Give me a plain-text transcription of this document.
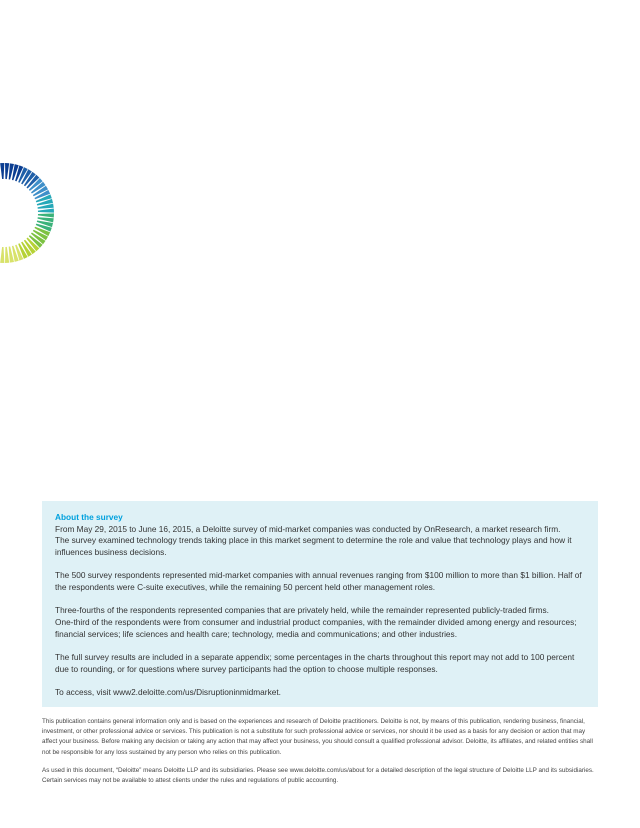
About the survey

From May 29, 2015 to June 16, 2015, a Deloitte survey of mid-market companies was conducted by OnResearch, a market research firm.

The survey examined technology trends taking place in this market segment to determine the role and value that technology plays and how it influences business decisions.

The 500 survey respondents represented mid-market companies with annual revenues ranging from $100 million to more than $1 billion. Half of the respondents were C-suite executives, while the remaining 50 percent held other management roles.

Three-fourths of the respondents represented companies that are privately held, while the remainder represented publicly-traded firms.

One-third of the respondents were from consumer and industrial product companies, with the remainder divided among energy and resources; financial services; life sciences and health care; technology, media and communications; and other industries.

The full survey results are included in a separate appendix; some percentages in the charts throughout this report may not add to 100 percent due to rounding, or for questions where survey participants had the option to choose multiple responses.

To access, visit www2.deloitte.com/us/Disruptioninmidmarket.

This publication contains general information only and is based on the experiences and research of Deloitte practitioners. Deloitte is not, by means of this publication, rendering business, financial, investment, or other professional advice or services. This publication is not a substitute for such professional advice or services, nor should it be used as a basis for any decision or action that may affect your business. Before making any decision or taking any action that may affect your business, you should consult a qualified professional advisor. Deloitte, its affiliates, and related entities shall not be responsible for any loss sustained by any person who relies on this publication.

As used in this document, “Deloitte” means Deloitte LLP and its subsidiaries. Please see www.deloitte.com/us/about for a detailed description of the legal structure of Deloitte LLP and its subsidiaries. Certain services may not be available to attest clients under the rules and regulations of public accounting.
